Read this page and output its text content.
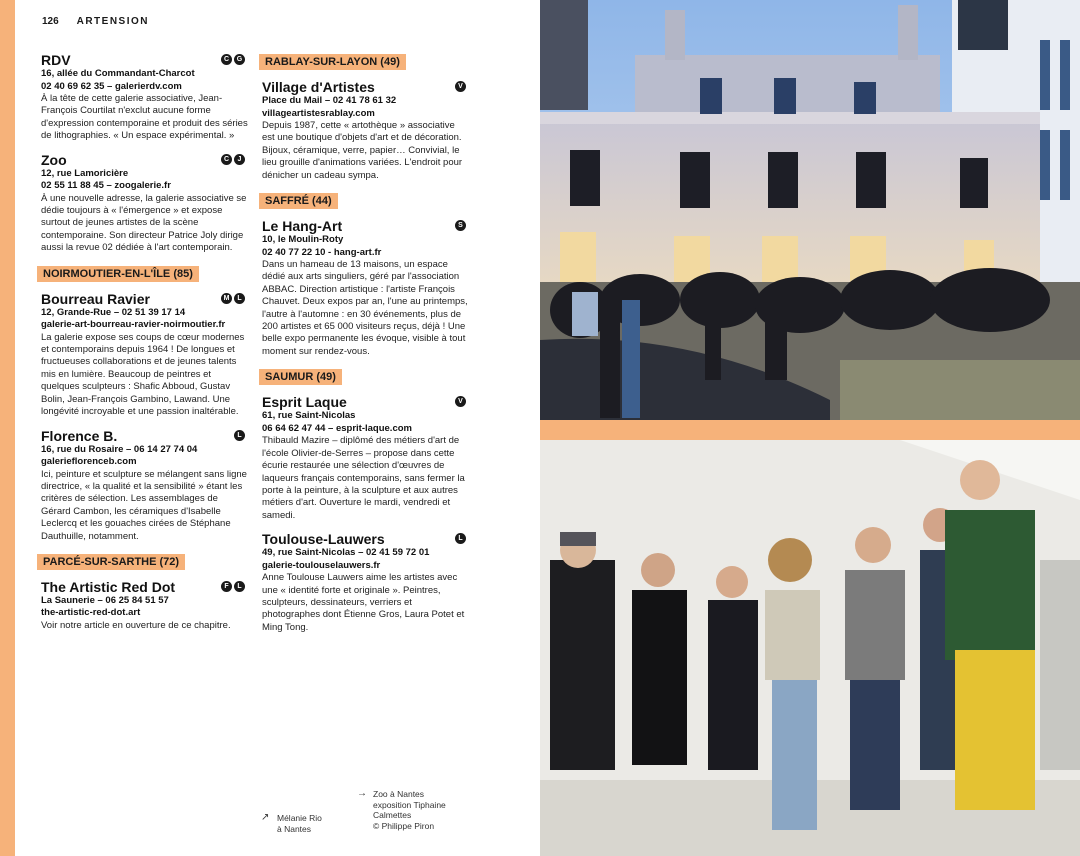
126 ARTENSION
RDV	C	G
16, allée du Commandant-Charcot
02 40 69 62 35 – galerierdv.com
À la tête de cette galerie associative, Jean-François Courtilat n'exclut aucune forme d'expression contemporaine et produit des séries de lithographies. « Un espace expérimental. »
Zoo	C	J
12, rue Lamoricière
02 55 11 88 45 – zoogalerie.fr
À une nouvelle adresse, la galerie associative se dédie toujours à « l'émergence » et expose surtout de jeunes artistes de la scène contemporaine. Son directeur Patrice Joly dirige aussi la revue 02 dédiée à l'art contemporain.
NOIRMOUTIER-EN-L'ÎLE (85)
Bourreau Ravier	M	L
12, Grande-Rue – 02 51 39 17 14
galerie-art-bourreau-ravier-noirmoutier.fr
La galerie expose ses coups de cœur modernes et contemporains depuis 1964 ! De longues et fructueuses collaborations et de jeunes talents mis en lumière. Beaucoup de peintres et quelques sculpteurs : Shafic Abboud, Gustav Bolin, Jean-François Gambino, Lawand. Une longévité incroyable et une passion inaltérable.
Florence B.	L
16, rue du Rosaire – 06 14 27 74 04
galerieflorenceb.com
Ici, peinture et sculpture se mélangent sans ligne directrice, « la qualité et la sensibilité » étant les critères de sélection. Les assemblages de Gérard Cambon, les céramiques d'Isabelle Leclercq et les gouaches cirées de Stéphane Dauthuille, notamment.
PARCÉ-SUR-SARTHE (72)
The Artistic Red Dot	F	L
La Saunerie – 06 25 84 51 57
the-artistic-red-dot.art
Voir notre article en ouverture de ce chapitre.
RABLAY-SUR-LAYON (49)
Village d'Artistes	V
Place du Mail – 02 41 78 61 32
villageartistesrablay.com
Depuis 1987, cette « artothèque » associative est une boutique d'objets d'art et de décoration. Bijoux, céramique, verre, papier… Convivial, le lieu grouille d'animations variées. L'endroit pour dénicher un cadeau sympa.
SAFFRÉ (44)
Le Hang-Art	S
10, le Moulin-Roty
02 40 77 22 10 - hang-art.fr
Dans un hameau de 13 maisons, un espace dédié aux arts singuliers, géré par l'association ABBAC. Direction artistique : l'artiste François Chauvet. Deux expos par an, l'une au printemps, l'autre à l'automne : en 30 événements, plus de 200 artistes et 65 000 visiteurs reçus, déjà ! Une belle expo permanente les évoque, visible à tout moment sur rendez-vous.
SAUMUR (49)
Esprit Laque	V
61, rue Saint-Nicolas
06 64 62 47 44 – esprit-laque.com
Thibauld Mazire – diplômé des métiers d'art de l'école Olivier-de-Serres – propose dans cette écurie restaurée une sélection d'œuvres de laqueurs français contemporains, sans fermer la porte à la peinture, à la sculpture et aux autres métiers d'art. Ouverture le mardi, vendredi et samedi.
Toulouse-Lauwers	L
49, rue Saint-Nicolas – 02 41 59 72 01
galerie-toulouselauwers.fr
Anne Toulouse Lauwers aime les artistes avec une « identité forte et originale ». Peintres, sculpteurs, dessinateurs, verriers et photographes dont Étienne Gros, Laura Potet et Ming Tong.
↗ Mélanie Rio
à Nantes
→ Zoo à Nantes
exposition Tiphaine
Calmettes
© Philippe Piron
